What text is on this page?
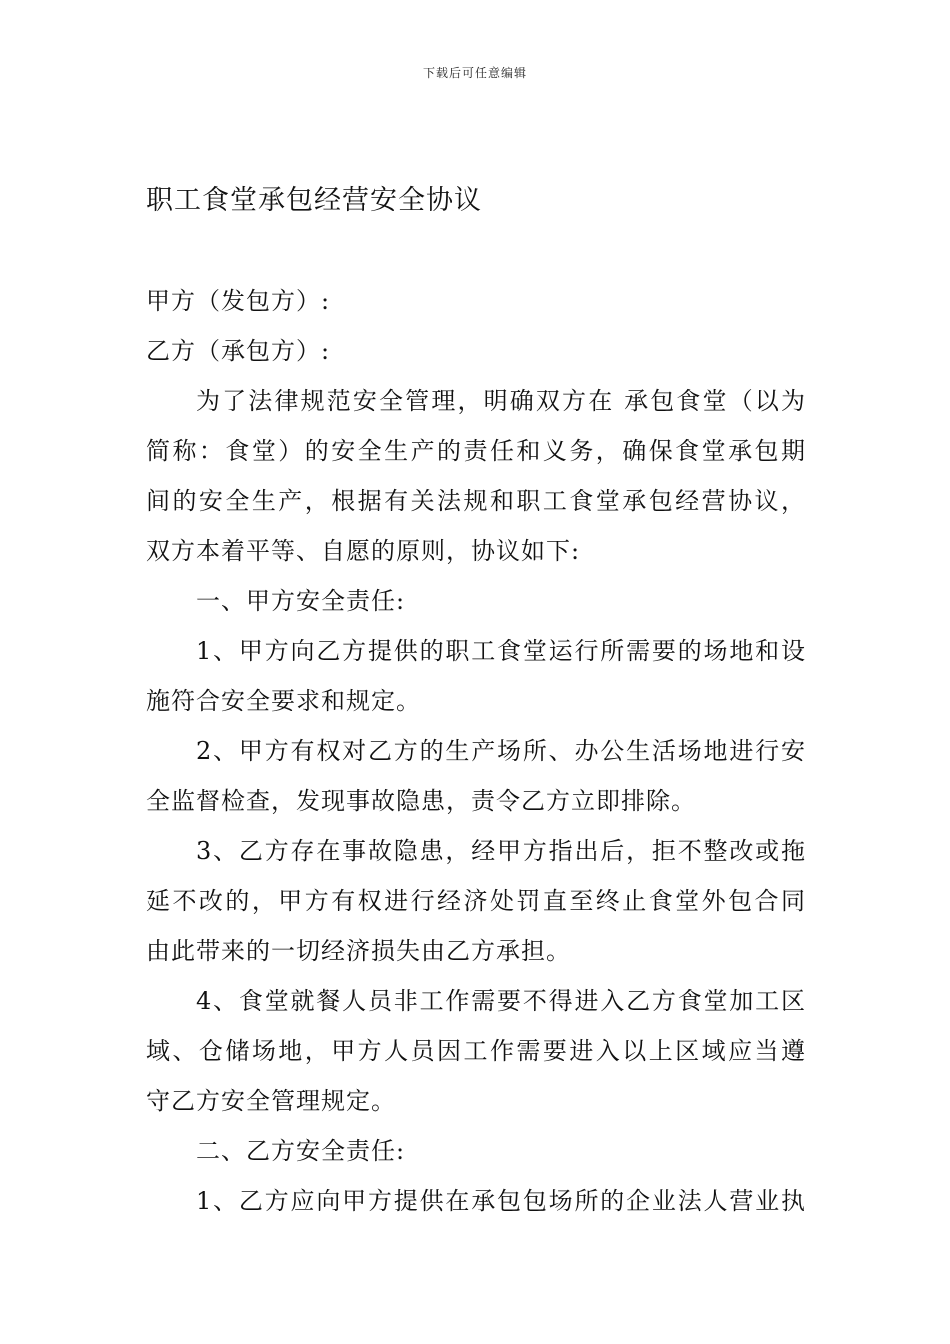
下载后可任意编辑
职工食堂承包经营安全协议
甲方（发包方）:
乙方（承包方）:
为了法律规范安全管理，明确双方在 承包食堂（以为
简称：食堂）的安全生产的责任和义务，确保食堂承包期
间的安全生产，根据有关法规和职工食堂承包经营协议，
双方本着平等、自愿的原则，协议如下:
一、甲方安全责任:
1、甲方向乙方提供的职工食堂运行所需要的场地和设
施符合安全要求和规定。
2、甲方有权对乙方的生产场所、办公生活场地进行安
全监督检查，发现事故隐患，责令乙方立即排除。
3、乙方存在事故隐患，经甲方指出后，拒不整改或拖
延不改的，甲方有权进行经济处罚直至终止食堂外包合同
由此带来的一切经济损失由乙方承担。
4、食堂就餐人员非工作需要不得进入乙方食堂加工区
域、仓储场地，甲方人员因工作需要进入以上区域应当遵
守乙方安全管理规定。
二、乙方安全责任:
1、乙方应向甲方提供在承包包场所的企业法人营业执
